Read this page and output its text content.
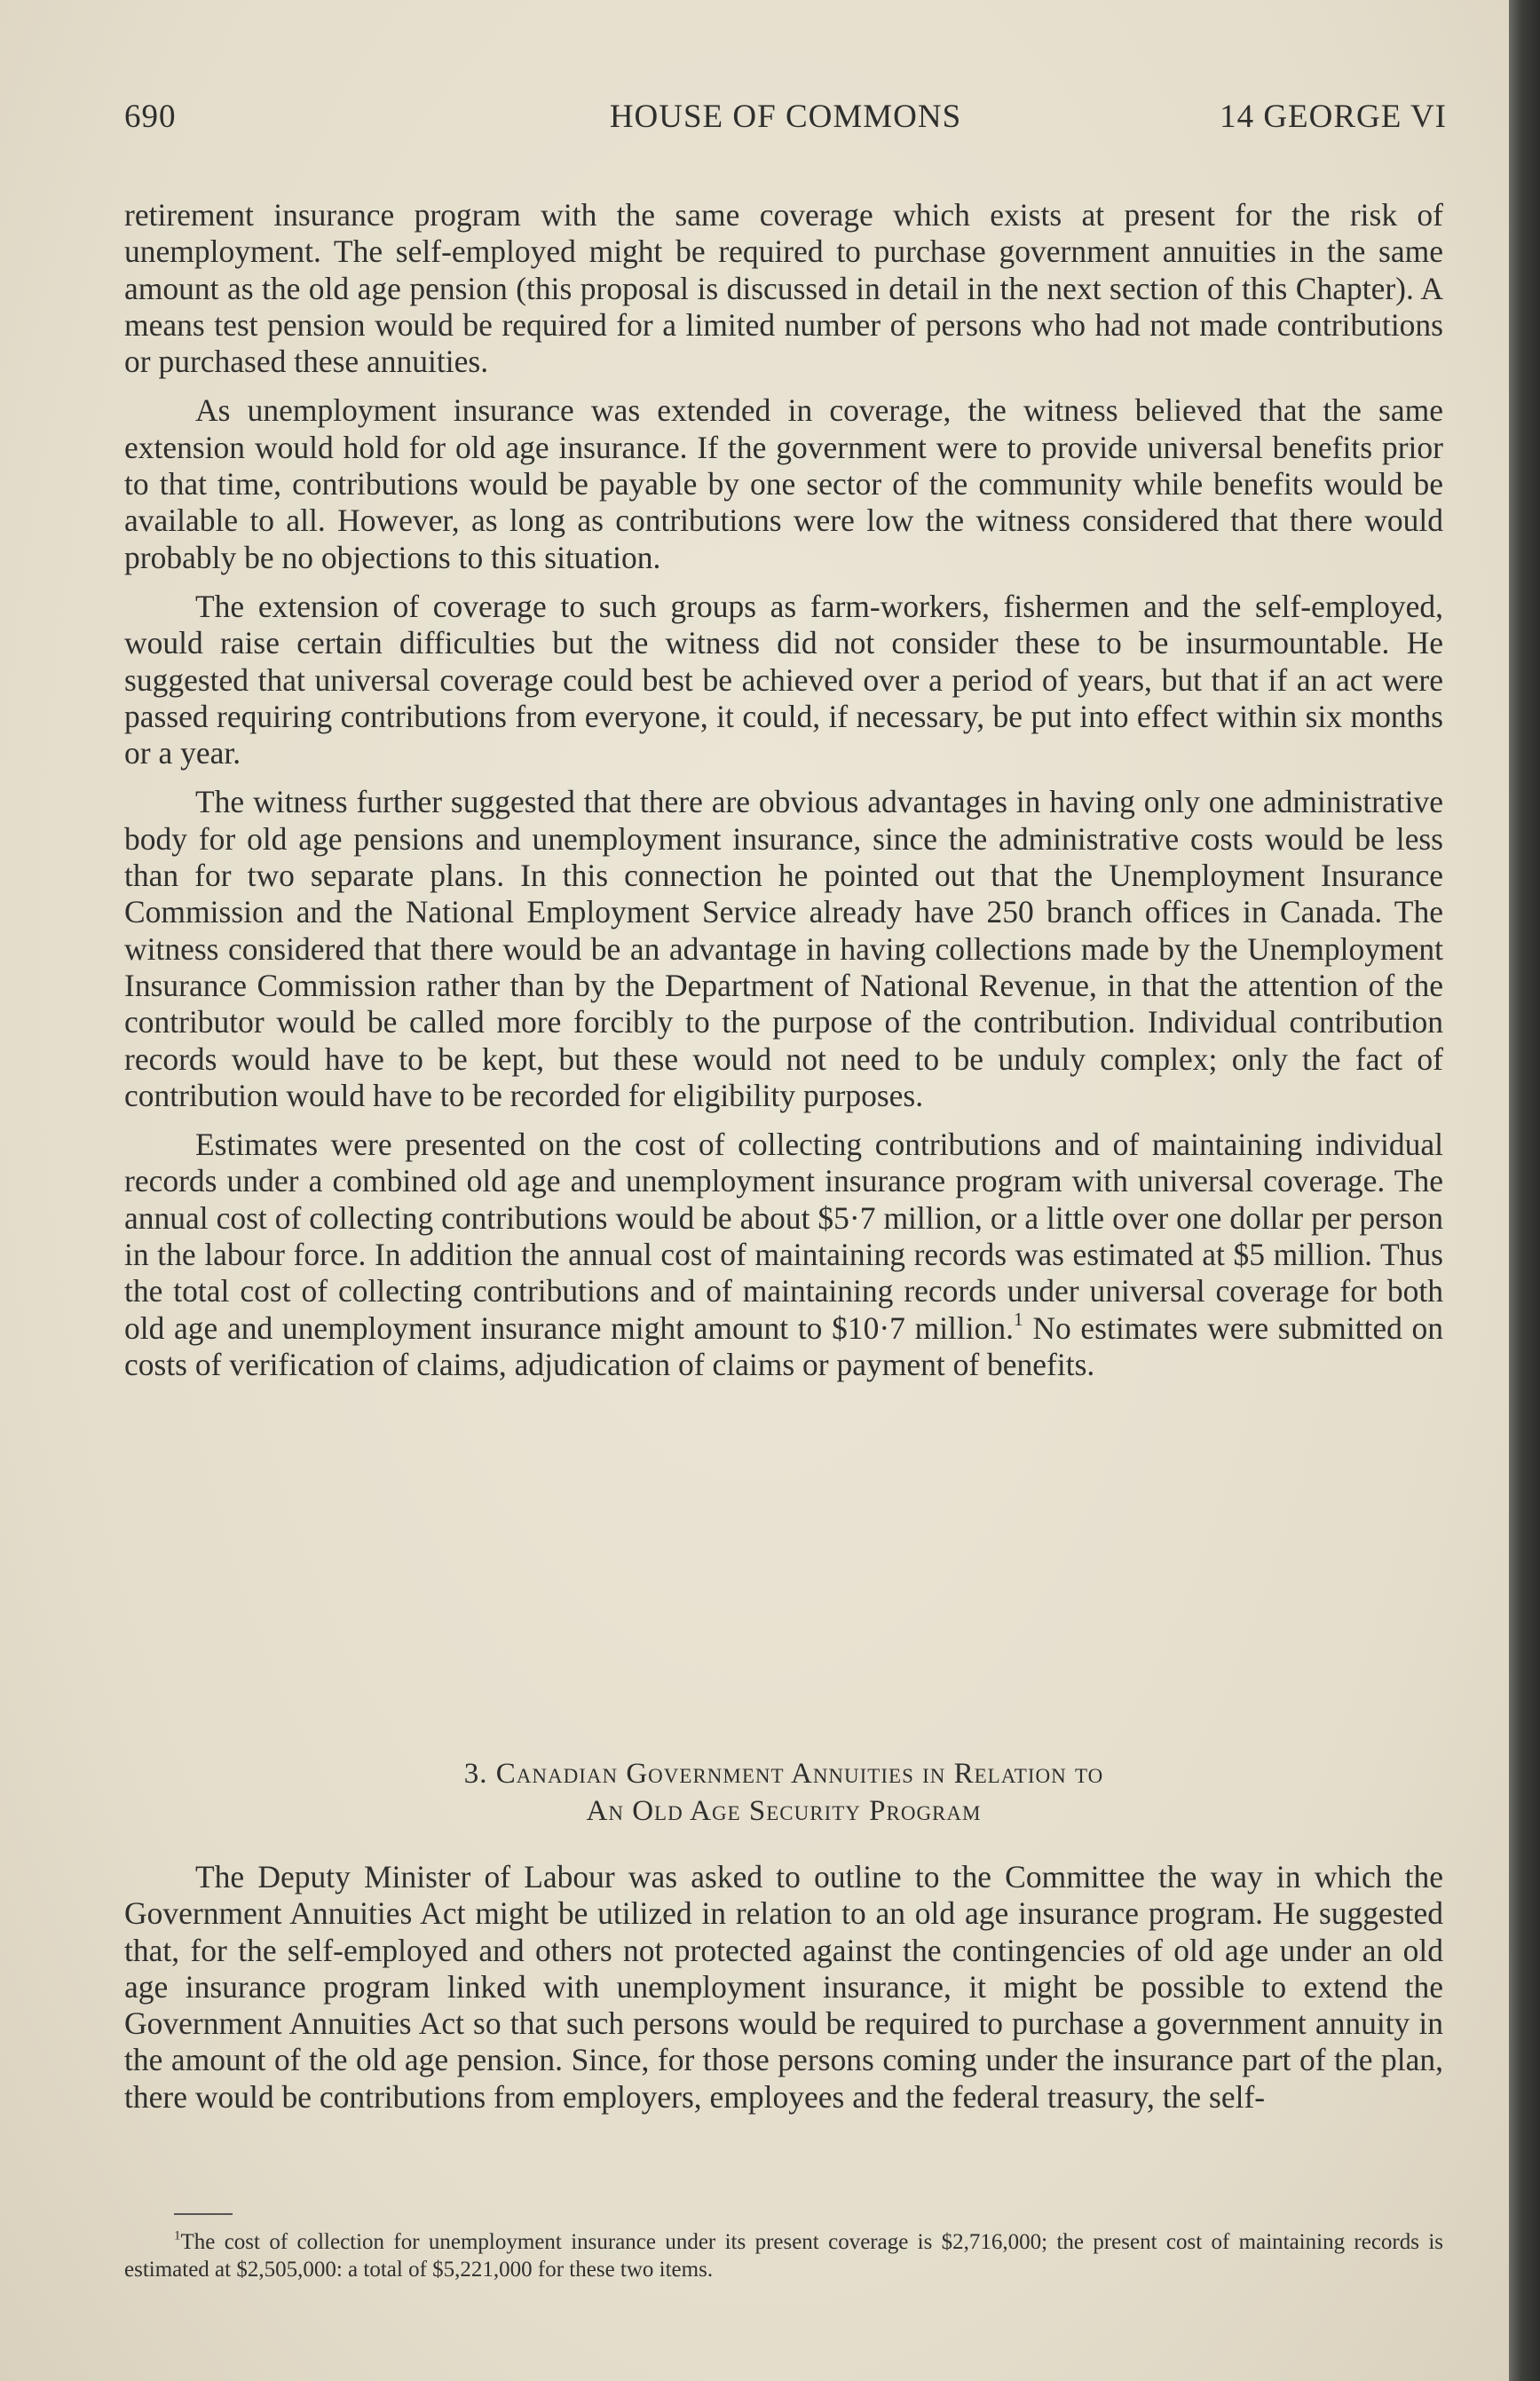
690	HOUSE OF COMMONS	14 GEORGE VI

retirement insurance program with the same coverage which exists at present for the risk of unemployment. The self-employed might be required to purchase government annuities in the same amount as the old age pension (this proposal is discussed in detail in the next section of this Chapter). A means test pension would be required for a limited number of persons who had not made contributions or purchased these annuities.

As unemployment insurance was extended in coverage, the witness believed that the same extension would hold for old age insurance. If the government were to provide universal benefits prior to that time, contributions would be payable by one sector of the community while benefits would be available to all. However, as long as contributions were low the witness considered that there would probably be no objections to this situation.

The extension of coverage to such groups as farm-workers, fishermen and the self-employed, would raise certain difficulties but the witness did not consider these to be insurmountable. He suggested that universal coverage could best be achieved over a period of years, but that if an act were passed requiring contributions from everyone, it could, if necessary, be put into effect within six months or a year.

The witness further suggested that there are obvious advantages in having only one administrative body for old age pensions and unemployment insurance, since the administrative costs would be less than for two separate plans. In this connection he pointed out that the Unemployment Insurance Commission and the National Employment Service already have 250 branch offices in Canada. The witness considered that there would be an advantage in having collections made by the Unemployment Insurance Commission rather than by the Department of National Revenue, in that the attention of the contributor would be called more forcibly to the purpose of the contribution. Individual contribution records would have to be kept, but these would not need to be unduly complex; only the fact of contribution would have to be recorded for eligibility purposes.

Estimates were presented on the cost of collecting contributions and of maintaining individual records under a combined old age and unemployment insurance program with universal coverage. The annual cost of collecting contributions would be about $5·7 million, or a little over one dollar per person in the labour force. In addition the annual cost of maintaining records was estimated at $5 million. Thus the total cost of collecting contributions and of maintaining records under universal coverage for both old age and unemployment insurance might amount to $10·7 million.$^1$ No estimates were submitted on costs of verification of claims, adjudication of claims or payment of benefits.

3. Canadian Government Annuities in Relation to
An Old Age Security Program

The Deputy Minister of Labour was asked to outline to the Committee the way in which the Government Annuities Act might be utilized in relation to an old age insurance program. He suggested that, for the self-employed and others not protected against the contingencies of old age under an old age insurance program linked with unemployment insurance, it might be possible to extend the Government Annuities Act so that such persons would be required to purchase a government annuity in the amount of the old age pension. Since, for those persons coming under the insurance part of the plan, there would be contributions from employers, employees and the federal treasury, the self-

$^1$The cost of collection for unemployment insurance under its present coverage is $2,716,000; the present cost of maintaining records is estimated at $2,505,000: a total of $5,221,000 for these two items.
